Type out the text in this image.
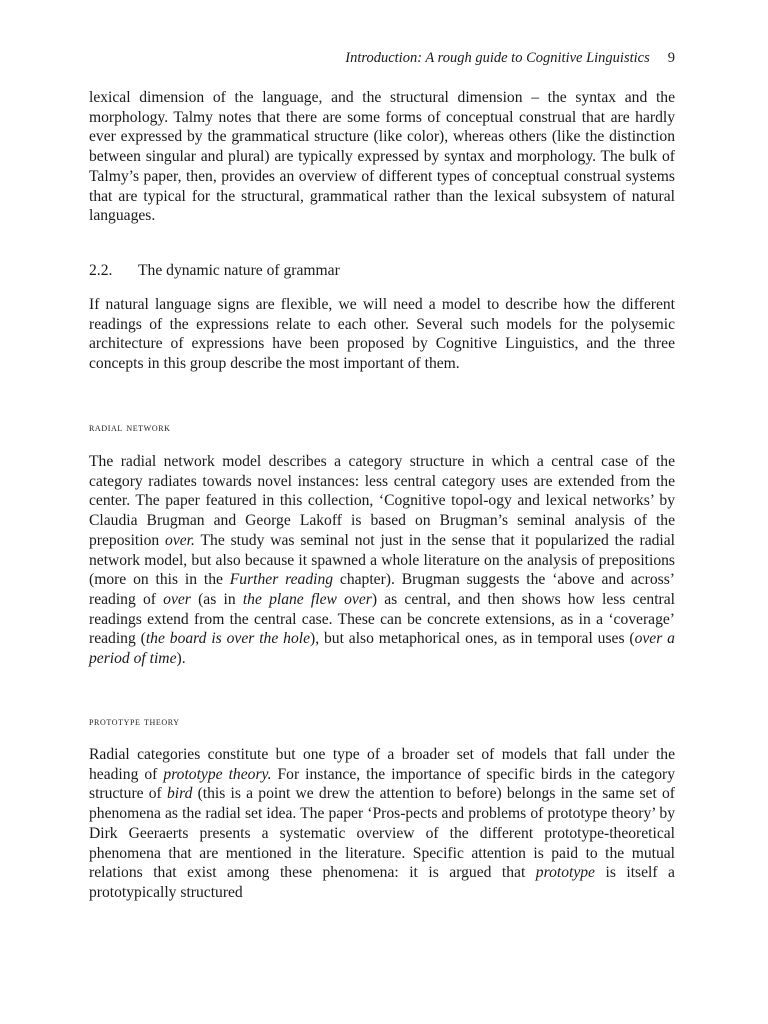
Introduction: A rough guide to Cognitive Linguistics 9

lexical dimension of the language, and the structural dimension – the syntax and the morphology. Talmy notes that there are some forms of conceptual construal that are hardly ever expressed by the grammatical structure (like color), whereas others (like the distinction between singular and plural) are typically expressed by syntax and morphology. The bulk of Talmy’s paper, then, provides an overview of different types of conceptual construal systems that are typical for the structural, grammatical rather than the lexical subsystem of natural languages.

2.2. The dynamic nature of grammar

If natural language signs are flexible, we will need a model to describe how the different readings of the expressions relate to each other. Several such models for the polysemic architecture of expressions have been proposed by Cognitive Linguistics, and the three concepts in this group describe the most important of them.

radial network

The radial network model describes a category structure in which a central case of the category radiates towards novel instances: less central category uses are extended from the center. The paper featured in this collection, ‘Cognitive topol-ogy and lexical networks’ by Claudia Brugman and George Lakoff is based on Brugman’s seminal analysis of the preposition over. The study was seminal not just in the sense that it popularized the radial network model, but also because it spawned a whole literature on the analysis of prepositions (more on this in the Further reading chapter). Brugman suggests the ‘above and across’ reading of over (as in the plane flew over) as central, and then shows how less central readings extend from the central case. These can be concrete extensions, as in a ‘coverage’ reading (the board is over the hole), but also metaphorical ones, as in temporal uses (over a period of time).

prototype theory

Radial categories constitute but one type of a broader set of models that fall under the heading of prototype theory. For instance, the importance of specific birds in the category structure of bird (this is a point we drew the attention to before) belongs in the same set of phenomena as the radial set idea. The paper ‘Pros-pects and problems of prototype theory’ by Dirk Geeraerts presents a systematic overview of the different prototype-theoretical phenomena that are mentioned in the literature. Specific attention is paid to the mutual relations that exist among these phenomena: it is argued that prototype is itself a prototypically structured
